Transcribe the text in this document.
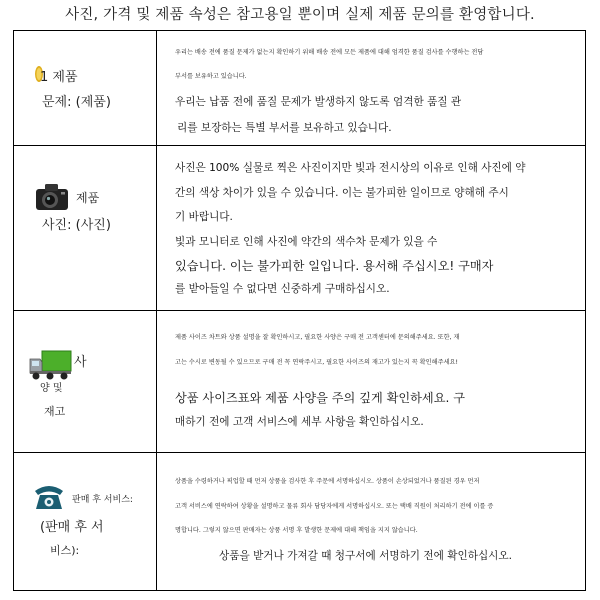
사진, 가격 및 제품 속성은 참고용일 뿐이며 실제 제품 문의를 환영합니다.
1 제품
문제: (제품)
우리는 배송 전에 품질 문제가 없는지 확인하기 위해 배송 전에 모든 제품에 대해 엄격한 품질 검사를 수행하는 전담
부서를 보유하고 있습니다.
우리는 납품 전에 품질 문제가 발생하지 않도록 엄격한 품질 관
리를 보장하는 특별 부서를 보유하고 있습니다.
제품
사진: (사진)
사진은 100% 실물로 찍은 사진이지만 빛과 전시상의 이유로 인해 사진에 약
간의 색상 차이가 있을 수 있습니다. 이는 불가피한 일이므로 양해해 주시
기 바랍니다.
빛과 모니터로 인해 사진에 약간의 색수차 문제가 있을 수
있습니다. 이는 불가피한 일입니다. 용서해 주십시오! 구매자
를 받아들일 수 없다면 신중하게 구매하십시오.
사
양 및
재고
제품 사이즈 차트와 상품 설명을 잘 확인하시고, 필요한 사양은 구매 전 고객센터에 문의해주세요. 또한, 재
고는 수시로 변동될 수 있으므로 구매 전 꼭 연락주시고, 필요한 사이즈의 재고가 있는지 꼭 확인해주세요!
상품 사이즈표와 제품 사양을 주의 깊게 확인하세요. 구
매하기 전에 고객 서비스에 세부 사항을 확인하십시오.
판매 후 서비스:
(판매 후 서
비스):
상품을 수령하거나 픽업할 때 먼저 상품을 검사한 후 주문에 서명하십시오. 상품이 손상되었거나 품질된 경우 먼저
고객 서비스에 연락하여 상황을 설명하고 물류 회사 담당자에게 서명하십시오. 또는 택배 직원이 처리하기 전에 이를 증
명합니다. 그렇지 않으면 판매자는 상품 서명 후 발생한 문제에 대해 책임을 지지 않습니다.
상품을 받거나 가져갈 때 청구서에 서명하기 전에 확인하십시오.
